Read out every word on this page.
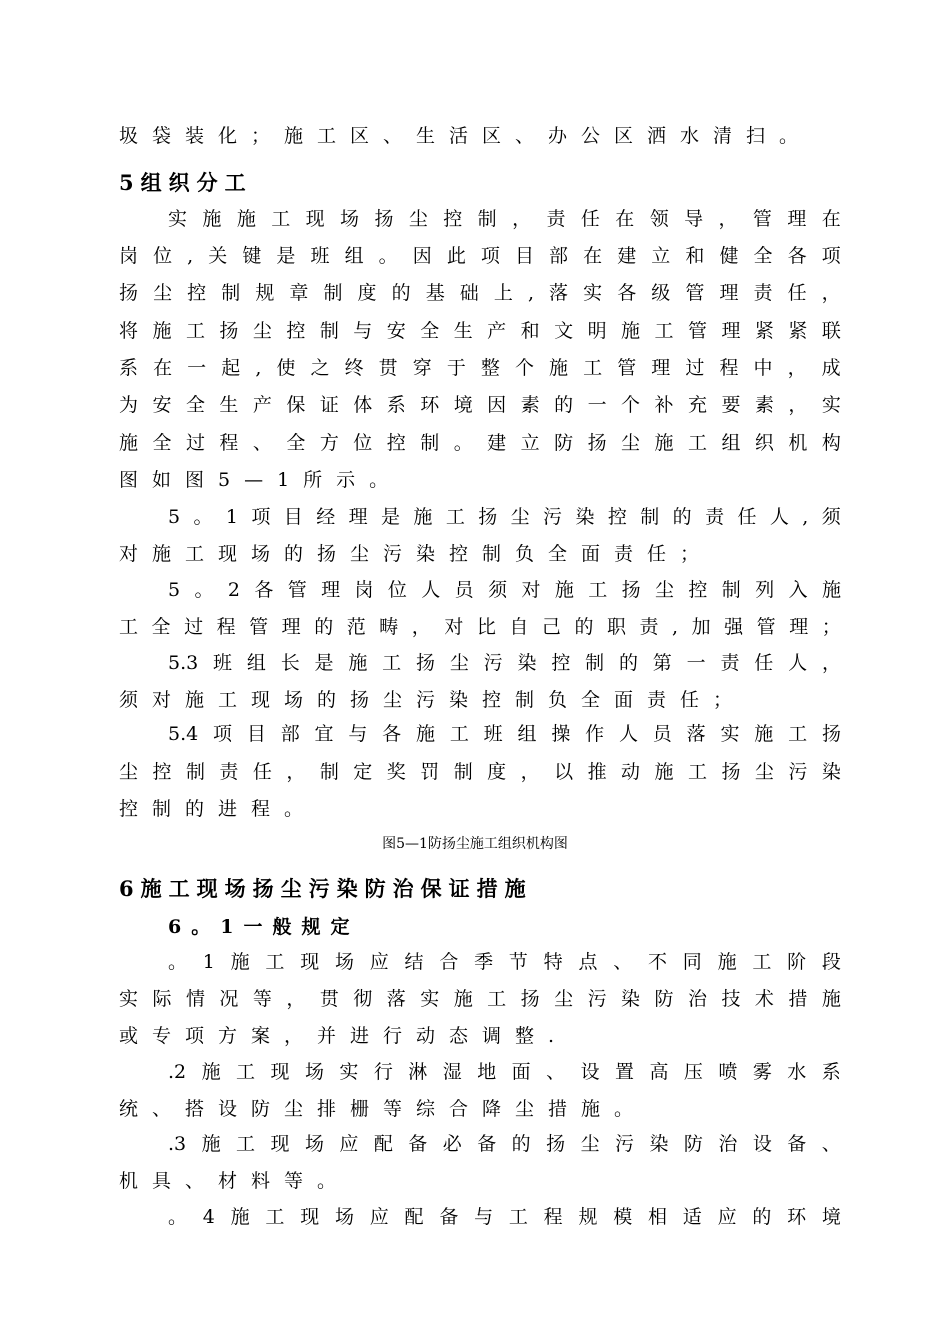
圾袋装化；施工区、生活区、办公区洒水清扫。
5组织分工
实 施 施 工 现 场 扬 尘 控 制 ， 责 任 在 领 导 ， 管 理 在
岗 位 , 关 键 是 班 组 。 因 此 项 目 部 在 建 立 和 健 全 各 项
扬 尘 控 制 规 章 制 度 的 基 础 上 , 落 实 各 级 管 理 责 任 ，
将 施 工 扬 尘 控 制 与 安 全 生 产 和 文 明 施 工 管 理 紧 紧 联
系 在 一 起 , 使 之 终 贯 穿 于 整 个 施 工 管 理 过 程 中 ， 成
为 安 全 生 产 保 证 体 系 环 境 因 素 的 一 个 补 充 要 素 ， 实
施 全 过 程 、 全 方 位 控 制 。 建 立 防 扬 尘 施 工 组 织 机 构
图如图5—1所示。
5 。 1 项 目 经 理 是 施 工 扬 尘 污 染 控 制 的 责 任 人 , 须
对施工现场的扬尘污染控制负全面责任；
5 。 2 各 管 理 岗 位 人 员 须 对 施 工 扬 尘 控 制 列 入 施
工 全 过 程 管 理 的 范 畴 ， 对 比 自 己 的 职 责 , 加 强 管 理 ；
5.3 班 组 长 是 施 工 扬 尘 污 染 控 制 的 第 一 责 任 人 ，
须对施工现场的扬尘污染控制负全面责任；
5.4 项 目 部 宜 与 各 施 工 班 组 操 作 人 员 落 实 施 工 扬
尘 控 制 责 任 ， 制 定 奖 罚 制 度 ， 以 推 动 施 工 扬 尘 污 染
控制的进程。
图5—1防扬尘施工组织机构图
6施工现场扬尘污染防治保证措施
6。1一般规定
。 1 施 工 现 场 应 结 合 季 节 特 点 、 不 同 施 工 阶 段
实 际 情 况 等 ， 贯 彻 落 实 施 工 扬 尘 污 染 防 治 技 术 措 施
或专项方案，并进行动态调整.
.2 施 工 现 场 实 行 淋 湿 地 面 、 设 置 高 压 喷 雾 水 系
统、搭设防尘排栅等综合降尘措施。
.3 施 工 现 场 应 配 备 必 备 的 扬 尘 污 染 防 治 设 备 、
机具、材料等。
。 4 施 工 现 场 应 配 备 与 工 程 规 模 相 适 应 的 环 境
